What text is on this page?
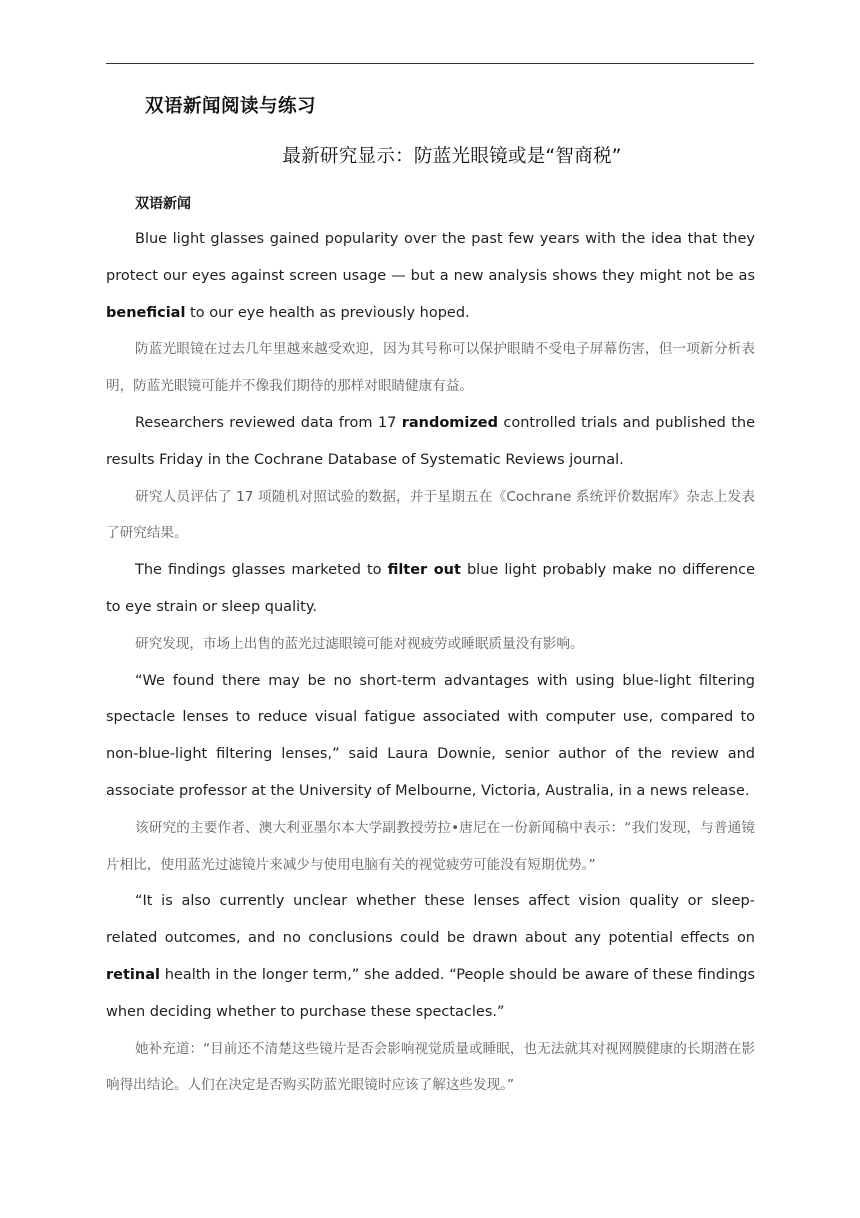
双语新闻阅读与练习
最新研究显示：防蓝光眼镜或是“智商税”
双语新闻

Blue light glasses gained popularity over the past few years with the idea that they protect our eyes against screen usage — but a new analysis shows they might not be as beneficial to our eye health as previously hoped.

防蓝光眼镜在过去几年里越来越受欢迎，因为其号称可以保护眼睛不受电子屏幕伤害，但一项新分析表明，防蓝光眼镜可能并不像我们期待的那样对眼睛健康有益。

Researchers reviewed data from 17 randomized controlled trials and published the results Friday in the Cochrane Database of Systematic Reviews journal.

研究人员评估了 17 项随机对照试验的数据，并于星期五在《Cochrane 系统评价数据库》杂志上发表了研究结果。

The findings glasses marketed to filter out blue light probably make no difference to eye strain or sleep quality.

研究发现，市场上出售的蓝光过滤眼镜可能对视疲劳或睡眠质量没有影响。

“We found there may be no short-term advantages with using blue-light filtering spectacle lenses to reduce visual fatigue associated with computer use, compared to non-blue-light filtering lenses,” said Laura Downie, senior author of the review and associate professor at the University of Melbourne, Victoria, Australia, in a news release.

该研究的主要作者、澳大利亚墨尔本大学副教授劳拉•唐尼在一份新闻稿中表示：“我们发现，与普通镜片相比，使用蓝光过滤镜片来减少与使用电脑有关的视觉疲劳可能没有短期优势。”

“It is also currently unclear whether these lenses affect vision quality or sleep-related outcomes, and no conclusions could be drawn about any potential effects on retinal health in the longer term,” she added. “People should be aware of these findings when deciding whether to purchase these spectacles.”

她补充道：“目前还不清楚这些镜片是否会影响视觉质量或睡眠，也无法就其对视网膜健康的长期潜在影响得出结论。人们在决定是否购买防蓝光眼镜时应该了解这些发现。”
